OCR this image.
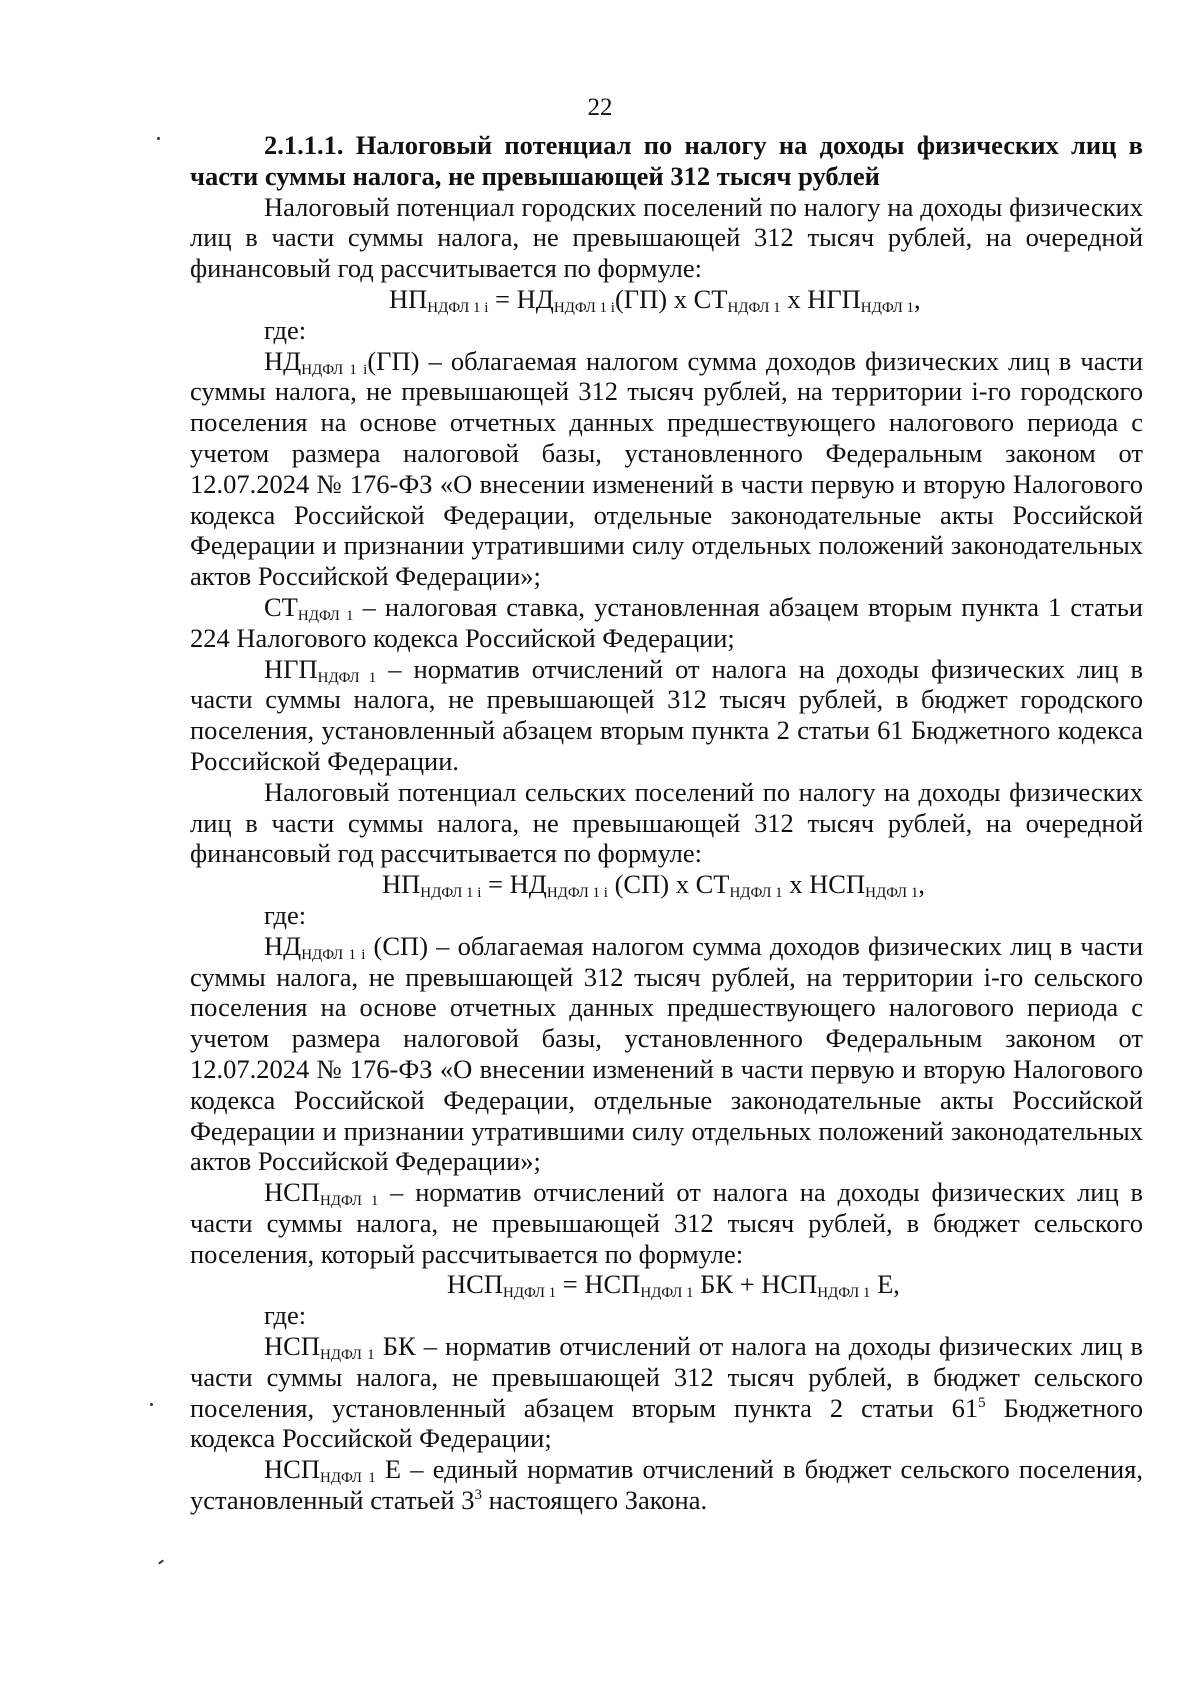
22

2.1.1.1. Налоговый потенциал по налогу на доходы физических лиц в части суммы налога, не превышающей 312 тысяч рублей

Налоговый потенциал городских поселений по налогу на доходы физических лиц в части суммы налога, не превышающей 312 тысяч рублей, на очередной финансовый год рассчитывается по формуле:

$НП_{НДФЛ 1 i} = НД_{НДФЛ 1 i}(ГП)$ х $СТ_{НДФЛ 1}$ х $НГП_{НДФЛ 1}$,

где:

$НД_{НДФЛ 1 i}(ГП)$ – облагаемая налогом сумма доходов физических лиц в части суммы налога, не превышающей 312 тысяч рублей, на территории i-го городского поселения на основе отчетных данных предшествующего налогового периода с учетом размера налоговой базы, установленного Федеральным законом от 12.07.2024 № 176-ФЗ «О внесении изменений в части первую и вторую Налогового кодекса Российской Федерации, отдельные законодательные акты Российской Федерации и признании утратившими силу отдельных положений законодательных актов Российской Федерации»;

$СТ_{НДФЛ 1}$ – налоговая ставка, установленная абзацем вторым пункта 1 статьи 224 Налогового кодекса Российской Федерации;

$НГП_{НДФЛ 1}$ – норматив отчислений от налога на доходы физических лиц в части суммы налога, не превышающей 312 тысяч рублей, в бюджет городского поселения, установленный абзацем вторым пункта 2 статьи 61 Бюджетного кодекса Российской Федерации.

Налоговый потенциал сельских поселений по налогу на доходы физических лиц в части суммы налога, не превышающей 312 тысяч рублей, на очередной финансовый год рассчитывается по формуле:

$НП_{НДФЛ 1 i} = НД_{НДФЛ 1 i}$ (СП) х $СТ_{НДФЛ 1}$ х $НСП_{НДФЛ 1}$,

где:

$НД_{НДФЛ 1 i}$ (СП) – облагаемая налогом сумма доходов физических лиц в части суммы налога, не превышающей 312 тысяч рублей, на территории i-го сельского поселения на основе отчетных данных предшествующего налогового периода с учетом размера налоговой базы, установленного Федеральным законом от 12.07.2024 № 176-ФЗ «О внесении изменений в части первую и вторую Налогового кодекса Российской Федерации, отдельные законодательные акты Российской Федерации и признании утратившими силу отдельных положений законодательных актов Российской Федерации»;

$НСП_{НДФЛ 1}$ – норматив отчислений от налога на доходы физических лиц в части суммы налога, не превышающей 312 тысяч рублей, в бюджет сельского поселения, который рассчитывается по формуле:

$НСП_{НДФЛ 1} = НСП_{НДФЛ 1}$ БК + $НСП_{НДФЛ 1}$ Е,

где:

$НСП_{НДФЛ 1}$ БК – норматив отчислений от налога на доходы физических лиц в части суммы налога, не превышающей 312 тысяч рублей, в бюджет сельского поселения, установленный абзацем вторым пункта 2 статьи $61^5$ Бюджетного кодекса Российской Федерации;

$НСП_{НДФЛ 1}$ Е – единый норматив отчислений в бюджет сельского поселения, установленный статьей $3^3$ настоящего Закона.
